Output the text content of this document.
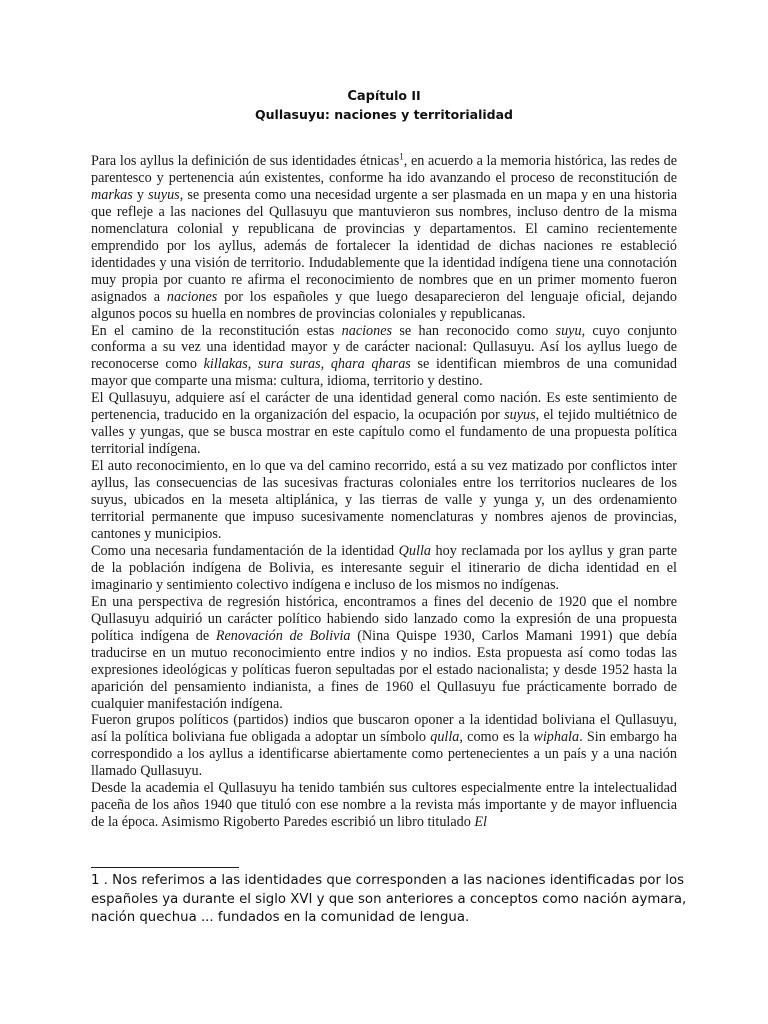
Capítulo II
Qullasuyu: naciones y territorialidad

Para los ayllus la definición de sus identidades étnicas$^1$, en acuerdo a la memoria histórica, las redes de parentesco y pertenencia aún existentes, conforme ha ido avanzando el proceso de reconstitución de markas y suyus, se presenta como una necesidad urgente a ser plasmada en un mapa y en una historia que refleje a las naciones del Qullasuyu que mantuvieron sus nombres, incluso dentro de la misma nomenclatura colonial y republicana de provincias y departamentos. El camino recientemente emprendido por los ayllus, además de fortalecer la identidad de dichas naciones re estableció identidades y una visión de territorio. Indudablemente que la identidad indígena tiene una connotación muy propia por cuanto re afirma el reconocimiento de nombres que en un primer momento fueron asignados a naciones por los españoles y que luego desaparecieron del lenguaje oficial, dejando algunos pocos su huella en nombres de provincias coloniales y republicanas.

En el camino de la reconstitución estas naciones se han reconocido como suyu, cuyo conjunto conforma a su vez una identidad mayor y de carácter nacional: Qullasuyu. Así los ayllus luego de reconocerse como killakas, sura suras, qhara qharas se identifican miembros de una comunidad mayor que comparte una misma: cultura, idioma, territorio y destino.

El Qullasuyu, adquiere así el carácter de una identidad general como nación. Es este sentimiento de pertenencia, traducido en la organización del espacio, la ocupación por suyus, el tejido multiétnico de valles y yungas, que se busca mostrar en este capítulo como el fundamento de una propuesta política territorial indígena.

El auto reconocimiento, en lo que va del camino recorrido, está a su vez matizado por conflictos inter ayllus, las consecuencias de las sucesivas fracturas coloniales entre los territorios nucleares de los suyus, ubicados en la meseta altiplánica, y las tierras de valle y yunga y, un des ordenamiento territorial permanente que impuso sucesivamente nomenclaturas y nombres ajenos de provincias, cantones y municipios.

Como una necesaria fundamentación de la identidad Qulla hoy reclamada por los ayllus y gran parte de la población indígena de Bolivia, es interesante seguir el itinerario de dicha identidad en el imaginario y sentimiento colectivo indígena e incluso de los mismos no indígenas.

En una perspectiva de regresión histórica, encontramos a fines del decenio de 1920 que el nombre Qullasuyu adquirió un carácter político habiendo sido lanzado como la expresión de una propuesta política indígena de Renovación de Bolivia (Nina Quispe 1930, Carlos Mamani 1991) que debía traducirse en un mutuo reconocimiento entre indios y no indios. Esta propuesta así como todas las expresiones ideológicas y políticas fueron sepultadas por el estado nacionalista; y desde 1952 hasta la aparición del pensamiento indianista, a fines de 1960 el Qullasuyu fue prácticamente borrado de cualquier manifestación indígena.

Fueron grupos políticos (partidos) indios que buscaron oponer a la identidad boliviana el Qullasuyu, así la política boliviana fue obligada a adoptar un símbolo qulla, como es la wiphala. Sin embargo ha correspondido a los ayllus a identificarse abiertamente como pertenecientes a un país y a una nación llamado Qullasuyu.

Desde la academia el Qullasuyu ha tenido también sus cultores especialmente entre la intelectualidad paceña de los años 1940 que tituló con ese nombre a la revista más importante y de mayor influencia de la época. Asimismo Rigoberto Paredes escribió un libro titulado El

1 . Nos referimos a las identidades que corresponden a las naciones identificadas por los españoles ya durante el siglo XVI y que son anteriores a conceptos como nación aymara, nación quechua ... fundados en la comunidad de lengua.
